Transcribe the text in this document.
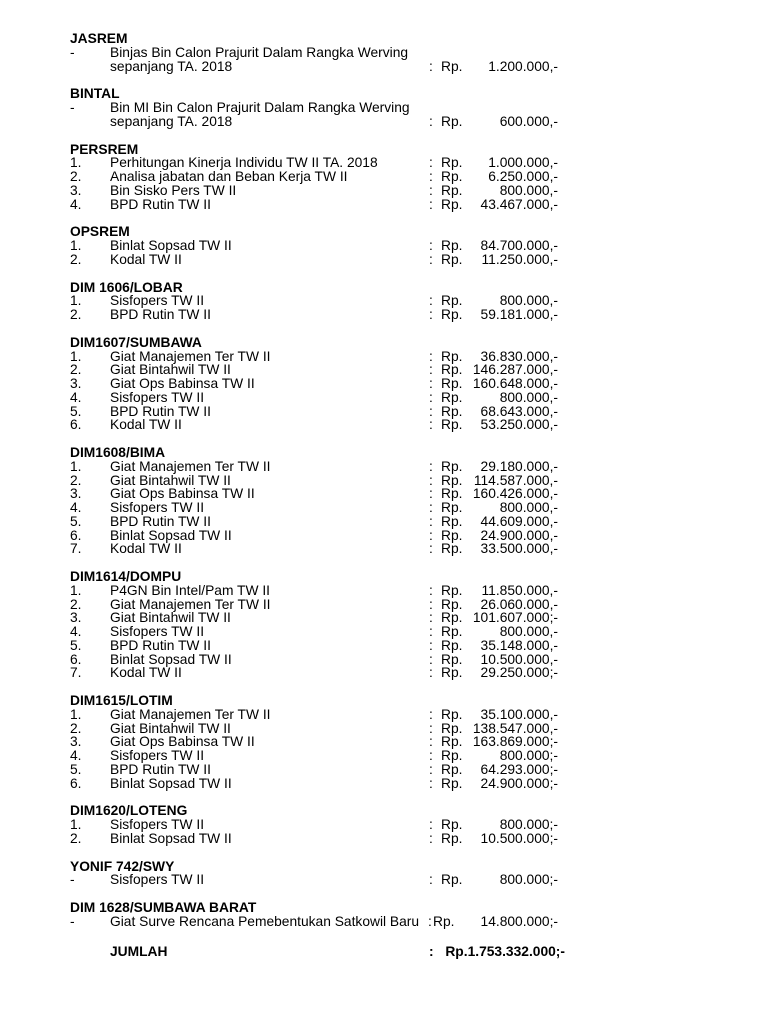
JASREM
-	Binjas Bin Calon Prajurit Dalam Rangka Werving
sepanjang TA. 2018	: Rp. 1.200.000,-
BINTAL
-	Bin MI Bin Calon Prajurit Dalam Rangka Werving
sepanjang TA. 2018	: Rp.	600.000,-
PERSREM
1. Perhitungan Kinerja Individu TW II TA. 2018	: Rp. 1.000.000,-
2. Analisa jabatan dan Beban Kerja TW II	: Rp. 6.250.000,-
3. Bin Sisko Pers TW II	: Rp.	800.000,-
4. BPD Rutin TW II	: Rp. 43.467.000,-
OPSREM
1. Binlat Sopsad TW II	: Rp. 84.700.000,-
2. Kodal TW II	: Rp. 11.250.000,-
DIM 1606/LOBAR
1. Sisfopers TW II	: Rp.	800.000,-
2. BPD Rutin TW II	: Rp. 59.181.000,-
DIM1607/SUMBAWA
1. Giat Manajemen Ter TW II	: Rp. 36.830.000,-
2. Giat Bintahwil TW II	: Rp. 146.287.000,-
3. Giat Ops Babinsa TW II	: Rp. 160.648.000,-
4. Sisfopers TW II	: Rp.	800.000,-
5. BPD Rutin TW II	: Rp. 68.643.000,-
6. Kodal TW II	: Rp. 53.250.000,-
DIM1608/BIMA
1. Giat Manajemen Ter TW II	: Rp. 29.180.000,-
2. Giat Bintahwil TW II	: Rp. 114.587.000,-
3. Giat Ops Babinsa TW II	: Rp. 160.426.000,-
4. Sisfopers TW II	: Rp.	800.000,-
5. BPD Rutin TW II	: Rp. 44.609.000,-
6. Binlat Sopsad TW II	: Rp. 24.900.000,-
7. Kodal TW II	: Rp. 33.500.000,-
DIM1614/DOMPU
1. P4GN Bin Intel/Pam TW II	: Rp. 11.850.000,-
2. Giat Manajemen Ter TW II	: Rp. 26.060.000,-
3. Giat Bintahwil TW II	: Rp. 101.607.000;-
4. Sisfopers TW II	: Rp.	800.000,-
5. BPD Rutin TW II	: Rp. 35.148.000,-
6. Binlat Sopsad TW II	: Rp. 10.500.000,-
7. Kodal TW II	: Rp. 29.250.000;-
DIM1615/LOTIM
1. Giat Manajemen Ter TW II	: Rp. 35.100.000,-
2. Giat Bintahwil TW II	: Rp. 138.547.000,-
3. Giat Ops Babinsa TW II	: Rp. 163.869.000;-
4. Sisfopers TW II	: Rp.	800.000;-
5. BPD Rutin TW II	: Rp. 64.293.000;-
6. Binlat Sopsad TW II	: Rp. 24.900.000;-
DIM1620/LOTENG
1. Sisfopers TW II	: Rp.	800.000;-
2. Binlat Sopsad TW II	: Rp. 10.500.000;-
YONIF 742/SWY
-	Sisfopers TW II	: Rp.	800.000;-
DIM 1628/SUMBAWA BARAT
-	Giat Surve Rencana Pemebentukan Satkowil Baru : Rp. 14.800.000;-
JUMLAH	: Rp.1.753.332.000;-
